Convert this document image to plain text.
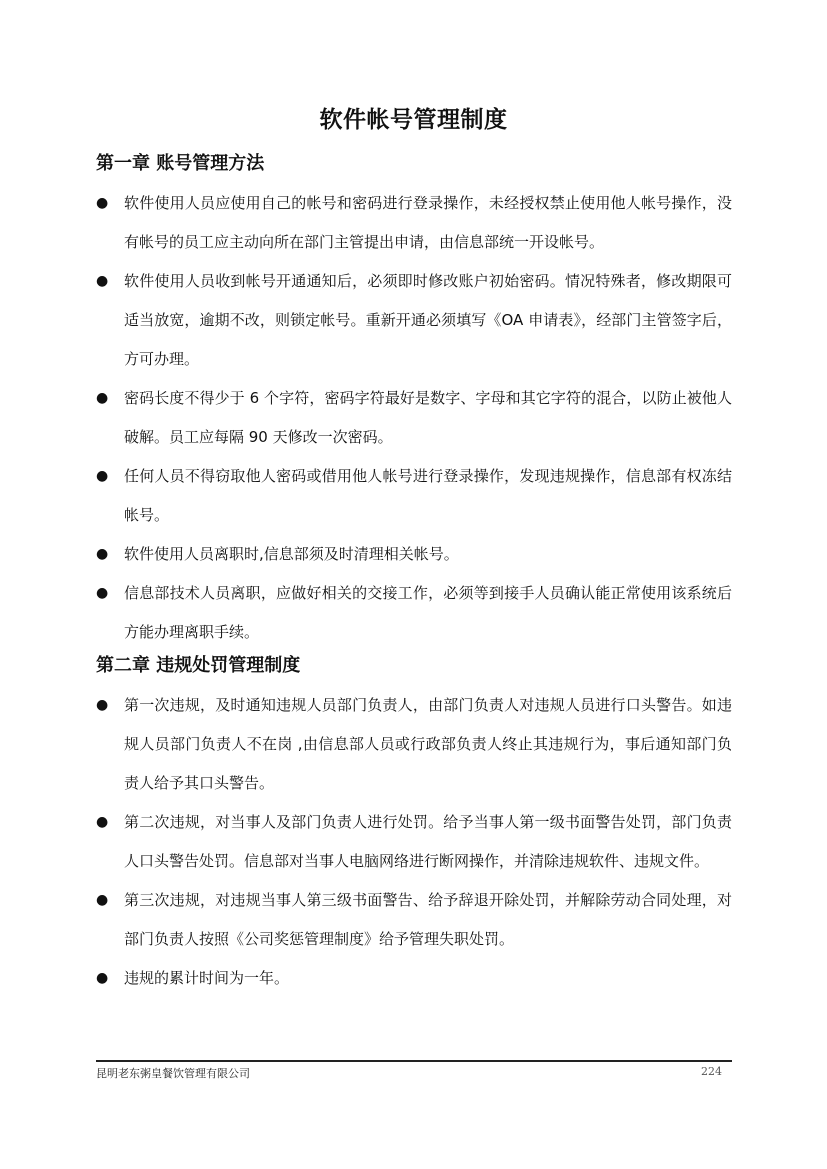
软件帐号管理制度
第一章 账号管理方法
● 软件使用人员应使用自己的帐号和密码进行登录操作，未经授权禁止使用他人帐号操作，没有帐号的员工应主动向所在部门主管提出申请，由信息部统一开设帐号。
● 软件使用人员收到帐号开通通知后，必须即时修改账户初始密码。情况特殊者，修改期限可适当放宽，逾期不改，则锁定帐号。重新开通必须填写《OA 申请表》，经部门主管签字后，方可办理。
● 密码长度不得少于 6 个字符，密码字符最好是数字、字母和其它字符的混合，以防止被他人破解。员工应每隔 90 天修改一次密码。
● 任何人员不得窃取他人密码或借用他人帐号进行登录操作，发现违规操作，信息部有权冻结帐号。
● 软件使用人员离职时,信息部须及时清理相关帐号。
● 信息部技术人员离职，应做好相关的交接工作，必须等到接手人员确认能正常使用该系统后方能办理离职手续。
第二章 违规处罚管理制度
● 第一次违规，及时通知违规人员部门负责人，由部门负责人对违规人员进行口头警告。如违规人员部门负责人不在岗 ,由信息部人员或行政部负责人终止其违规行为，事后通知部门负责人给予其口头警告。
● 第二次违规，对当事人及部门负责人进行处罚。给予当事人第一级书面警告处罚，部门负责人口头警告处罚。信息部对当事人电脑网络进行断网操作，并清除违规软件、违规文件。
● 第三次违规，对违规当事人第三级书面警告、给予辞退开除处罚，并解除劳动合同处理，对部门负责人按照《公司奖惩管理制度》给予管理失职处罚。
● 违规的累计时间为一年。
昆明老东粥皇餐饮管理有限公司	224
